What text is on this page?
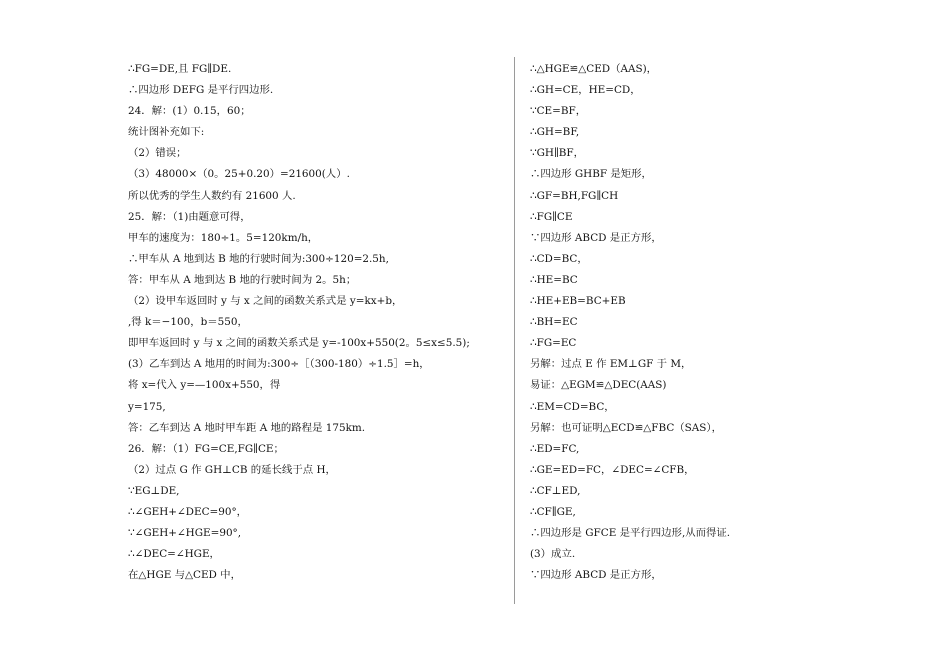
∴FG=DE,且 FG∥DE.
∴四边形 DEFG 是平行四边形.
24．解：(1）0.15，60；
统计图补充如下:
（2）错误；
（3）48000×（0。25+0.20）=21600(人）.
所以优秀的学生人数约有 21600 人.
25．解：（1)由题意可得，
甲车的速度为：180÷1。5=120km/h，
∴甲车从 A 地到达 B 地的行驶时间为:300÷120=2.5h,
答：甲车从 A 地到达 B 地的行驶时间为 2。5h；
（2）设甲车返回时 y 与 x 之间的函数关系式是 y=kx+b，
,得 k＝−100，b＝550，
即甲车返回时 y 与 x 之间的函数关系式是 y=-100x+550(2。5≤x≤5.5);
(3）乙车到达 A 地用的时间为:300÷［（300-180）÷1.5］=h，
将 x=代入 y=—100x+550，得
y=175,
答：乙车到达 A 地时甲车距 A 地的路程是 175km.
26．解：（1）FG=CE,FG∥CE；
（2）过点 G 作 GH⊥CB 的延长线于点 H，
∵EG⊥DE,
∴∠GEH+∠DEC=90°，
∵∠GEH+∠HGE=90°,
∴∠DEC=∠HGE，
在△HGE 与△CED 中，
∴△HGE≌△CED（AAS)，
∴GH=CE，HE=CD，
∵CE=BF，
∴GH=BF,
∵GH∥BF，
∴四边形 GHBF 是矩形，
∴GF=BH,FG∥CH
∴FG∥CE
∵四边形 ABCD 是正方形，
∴CD=BC，
∴HE=BC
∴HE+EB=BC+EB
∴BH=EC
∴FG=EC
另解：过点 E 作 EM⊥GF 于 M，
易证：△EGM≌△DEC(AAS)
∴EM=CD=BC，
另解：也可证明△ECD≌△FBC（SAS），
∴ED=FC,
∴GE=ED=FC，∠DEC=∠CFB，
∴CF⊥ED,
∴CF∥GE,
∴四边形是 GFCE 是平行四边形,从而得证.
(3）成立.
∵四边形 ABCD 是正方形，
